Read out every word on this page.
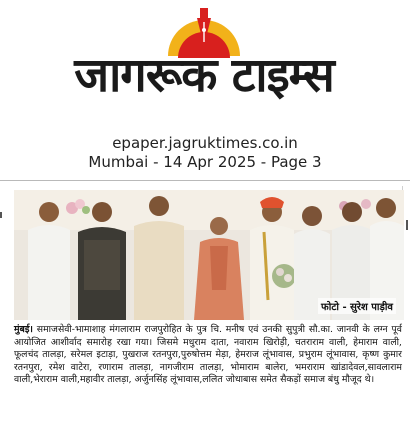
जागरूक टाइम्स
epaper.jagruktimes.co.in
Mumbai - 14 Apr 2025 - Page 3
फोटो - सुरेश पाड़ीव
मुंबई। समाजसेवी-भामाशाह मंगलाराम राजपुरोहित के पुत्र चि. मनीष एवं उनकी सुपुत्री सौ.का. जानवी के लग्न पूर्व आयोजित आशीर्वाद समारोह रखा गया। जिसमे मधुराम दाता, नवाराम खिरोड़ी, चतराराम वाली, हेमाराम वाली, फूलचंद तालड़ा, सरेमल इटाड़ा, पुखराज रतनपुरा,पुरुषोत्तम मेड़ा, हेमराज लूंभावास, प्रभुराम लूंभावास, कृष्ण कुमार रतनपुरा, रमेश वाटेरा, रणाराम तालड़ा, नागजीराम तालड़ा, भोमाराम बालेरा, भमराराम खांडादेवल,सावलाराम वाली,भेराराम वाली,महावीर तालड़ा, अर्जुनसिंह लूंभावास,ललित जोधाबास समेत सैकड़ों समाज बंधु मौजूद थे।
